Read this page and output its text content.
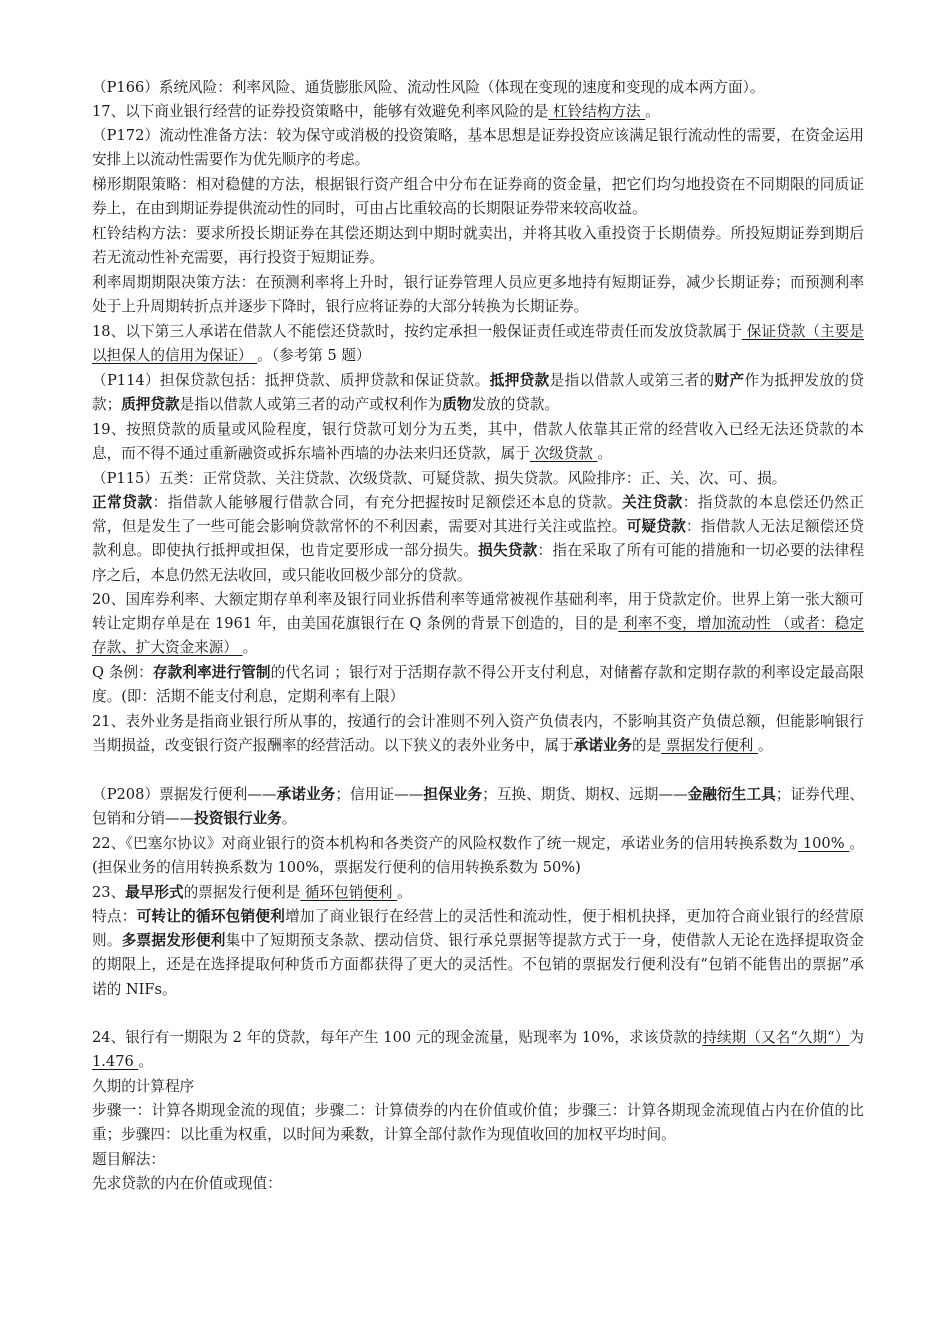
（P166）系统风险：利率风险、通货膨胀风险、流动性风险（体现在变现的速度和变现的成本两方面）。
17、以下商业银行经营的证券投资策略中，能够有效避免利率风险的是 杠铃结构方法 。
（P172）流动性准备方法：较为保守或消极的投资策略，基本思想是证券投资应该满足银行流动性的需要，在资金运用安排上以流动性需要作为优先顺序的考虑。
梯形期限策略：相对稳健的方法，根据银行资产组合中分布在证券商的资金量，把它们均匀地投资在不同期限的同质证券上，在由到期证券提供流动性的同时，可由占比重较高的长期限证券带来较高收益。
杠铃结构方法：要求所投长期证券在其偿还期达到中期时就卖出，并将其收入重投资于长期债券。所投短期证券到期后若无流动性补充需要，再行投资于短期证券。
利率周期期限决策方法：在预测利率将上升时，银行证券管理人员应更多地持有短期证券，减少长期证券；而预测利率处于上升周期转折点并逐步下降时，银行应将证券的大部分转换为长期证券。
18、以下第三人承诺在借款人不能偿还贷款时，按约定承担一般保证责任或连带责任而发放贷款属于 保证贷款（主要是以担保人的信用为保证） 。（参考第 5 题）
（P114）担保贷款包括：抵押贷款、质押贷款和保证贷款。抵押贷款是指以借款人或第三者的财产作为抵押发放的贷款；质押贷款是指以借款人或第三者的动产或权利作为质物发放的贷款。
19、按照贷款的质量或风险程度，银行贷款可划分为五类，其中，借款人依靠其正常的经营收入已经无法还贷款的本息，而不得不通过重新融资或拆东墙补西墙的办法来归还贷款，属于 次级贷款 。
（P115）五类：正常贷款、关注贷款、次级贷款、可疑贷款、损失贷款。风险排序：正、关、次、可、损。
正常贷款：指借款人能够履行借款合同，有充分把握按时足额偿还本息的贷款。关注贷款：指贷款的本息偿还仍然正常，但是发生了一些可能会影响贷款常怀的不利因素，需要对其进行关注或监控。可疑贷款：指借款人无法足额偿还贷款利息。即使执行抵押或担保，也肯定要形成一部分损失。损失贷款：指在采取了所有可能的措施和一切必要的法律程序之后，本息仍然无法收回，或只能收回极少部分的贷款。
20、国库券利率、大额定期存单利率及银行同业拆借利率等通常被视作基础利率，用于贷款定价。世界上第一张大额可转让定期存单是在 1961 年，由美国花旗银行在 Q 条例的背景下创造的，目的是 利率不变，增加流动性 （或者：稳定存款、扩大资金来源） 。
Q 条例：存款利率进行管制的代名词 ；银行对于活期存款不得公开支付利息，对储蓄存款和定期存款的利率设定最高限度。(即：活期不能支付利息，定期利率有上限）
21、表外业务是指商业银行所从事的，按通行的会计准则不列入资产负债表内，不影响其资产负债总额，但能影响银行当期损益，改变银行资产报酬率的经营活动。以下狭义的表外业务中，属于承诺业务的是 票据发行便利 。
（P208）票据发行便利——承诺业务；信用证——担保业务；互换、期货、期权、远期——金融衍生工具；证券代理、包销和分销——投资银行业务。
22、《巴塞尔协议》对商业银行的资本机构和各类资产的风险权数作了统一规定，承诺业务的信用转换系数为 100% 。(担保业务的信用转换系数为 100%，票据发行便利的信用转换系数为 50%)
23、最早形式的票据发行便利是 循环包销便利 。
特点：可转让的循环包销便利增加了商业银行在经营上的灵活性和流动性，便于相机抉择，更加符合商业银行的经营原则。多票据发形便利集中了短期预支条款、摆动信贷、银行承兑票据等提款方式于一身，使借款人无论在选择提取资金的期限上，还是在选择提取何种货币方面都获得了更大的灵活性。不包销的票据发行便利没有“包销不能售出的票据”承诺的 NIFs。
24、银行有一期限为 2 年的贷款，每年产生 100 元的现金流量，贴现率为 10%，求该贷款的持续期（又名“久期“）为 1.476 。
久期的计算程序
步骤一：计算各期现金流的现值；步骤二：计算债券的内在价值或价值；步骤三：计算各期现金流现值占内在价值的比重；步骤四：以比重为权重，以时间为乘数，计算全部付款作为现值收回的加权平均时间。
题目解法：
先求贷款的内在价值或现值：
